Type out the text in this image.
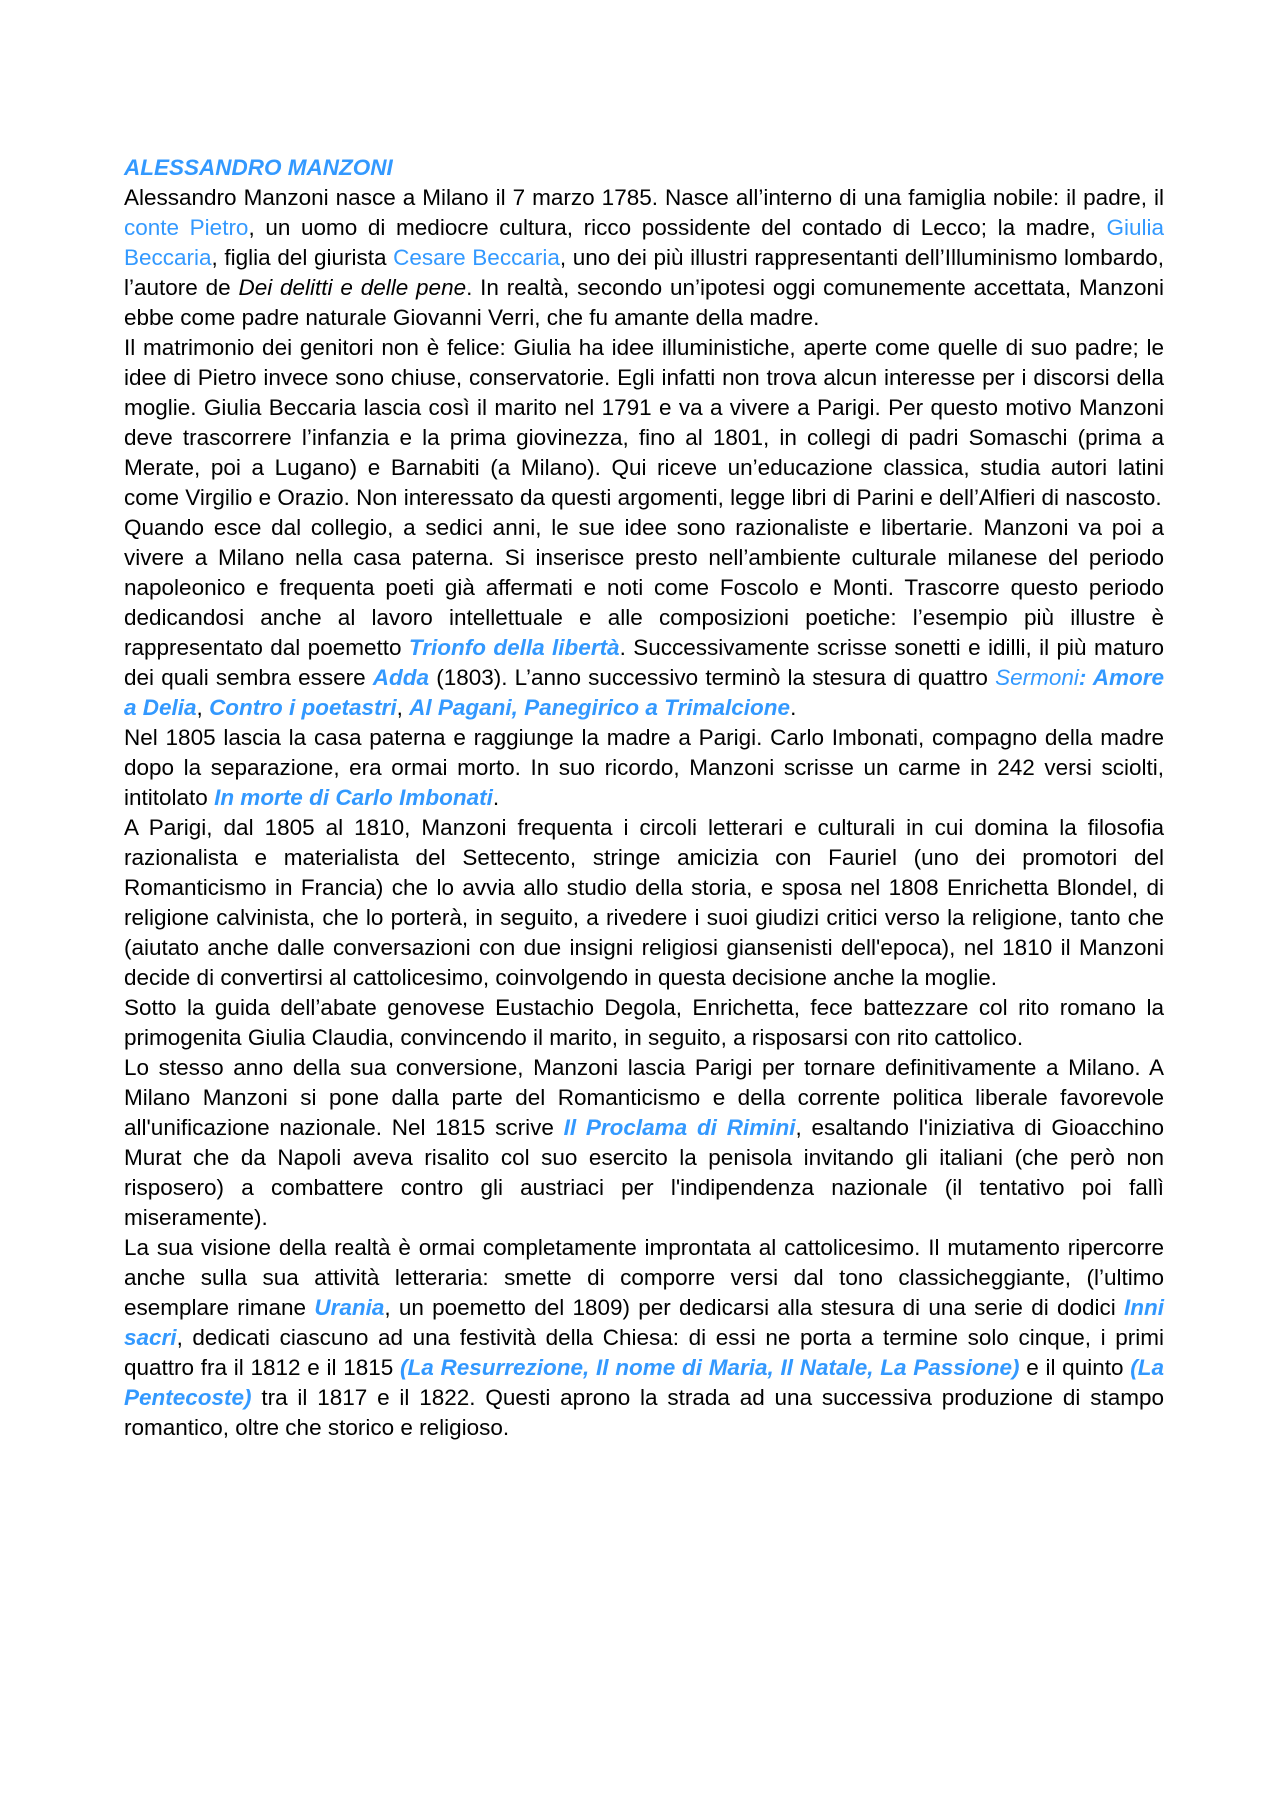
ALESSANDRO MANZONI

Alessandro Manzoni nasce a Milano il 7 marzo 1785. Nasce all’interno di una famiglia nobile: il padre, il conte Pietro, un uomo di mediocre cultura, ricco possidente del contado di Lecco; la madre, Giulia Beccaria, figlia del giurista Cesare Beccaria, uno dei più illustri rappresentanti dell’Illuminismo lombardo, l’autore de Dei delitti e delle pene. In realtà, secondo un’ipotesi oggi comunemente accettata, Manzoni ebbe come padre naturale Giovanni Verri, che fu amante della madre.

Il matrimonio dei genitori non è felice: Giulia ha idee illuministiche, aperte come quelle di suo padre; le idee di Pietro invece sono chiuse, conservatorie. Egli infatti non trova alcun interesse per i discorsi della moglie. Giulia Beccaria lascia così il marito nel 1791 e va a vivere a Parigi. Per questo motivo Manzoni deve trascorrere l’infanzia e la prima giovinezza, fino al 1801, in collegi di padri Somaschi (prima a Merate, poi a Lugano) e Barnabiti (a Milano). Qui riceve un’educazione classica, studia autori latini come Virgilio e Orazio. Non interessato da questi argomenti, legge libri di Parini e dell’Alfieri di nascosto.

Quando esce dal collegio, a sedici anni, le sue idee sono razionaliste e libertarie. Manzoni va poi a vivere a Milano nella casa paterna. Si inserisce presto nell’ambiente culturale milanese del periodo napoleonico e frequenta poeti già affermati e noti come Foscolo e Monti. Trascorre questo periodo dedicandosi anche al lavoro intellettuale e alle composizioni poetiche: l’esempio più illustre è rappresentato dal poemetto Trionfo della libertà. Successivamente scrisse sonetti e idilli, il più maturo dei quali sembra essere Adda (1803). L’anno successivo terminò la stesura di quattro Sermoni: Amore a Delia, Contro i poetastri, Al Pagani, Panegirico a Trimalcione.

Nel 1805 lascia la casa paterna e raggiunge la madre a Parigi. Carlo Imbonati, compagno della madre dopo la separazione, era ormai morto. In suo ricordo, Manzoni scrisse un carme in 242 versi sciolti, intitolato In morte di Carlo Imbonati.

A Parigi, dal 1805 al 1810, Manzoni frequenta i circoli letterari e culturali in cui domina la filosofia razionalista e materialista del Settecento, stringe amicizia con Fauriel (uno dei promotori del Romanticismo in Francia) che lo avvia allo studio della storia, e sposa nel 1808 Enrichetta Blondel, di religione calvinista, che lo porterà, in seguito, a rivedere i suoi giudizi critici verso la religione, tanto che (aiutato anche dalle conversazioni con due insigni religiosi giansenisti dell'epoca), nel 1810 il Manzoni decide di convertirsi al cattolicesimo, coinvolgendo in questa decisione anche la moglie.

Sotto la guida dell’abate genovese Eustachio Degola, Enrichetta, fece battezzare col rito romano la primogenita Giulia Claudia, convincendo il marito, in seguito, a risposarsi con rito cattolico.

Lo stesso anno della sua conversione, Manzoni lascia Parigi per tornare definitivamente a Milano. A Milano Manzoni si pone dalla parte del Romanticismo e della corrente politica liberale favorevole all'unificazione nazionale. Nel 1815 scrive Il Proclama di Rimini, esaltando l'iniziativa di Gioacchino Murat che da Napoli aveva risalito col suo esercito la penisola invitando gli italiani (che però non risposero) a combattere contro gli austriaci per l'indipendenza nazionale (il tentativo poi fallì miseramente).

La sua visione della realtà è ormai completamente improntata al cattolicesimo. Il mutamento ripercorre anche sulla sua attività letteraria: smette di comporre versi dal tono classicheggiante, (l’ultimo esemplare rimane Urania, un poemetto del 1809) per dedicarsi alla stesura di una serie di dodici Inni sacri, dedicati ciascuno ad una festività della Chiesa: di essi ne porta a termine solo cinque, i primi quattro fra il 1812 e il 1815 (La Resurrezione, Il nome di Maria, Il Natale, La Passione) e il quinto (La Pentecoste) tra il 1817 e il 1822. Questi aprono la strada ad una successiva produzione di stampo romantico, oltre che storico e religioso.
